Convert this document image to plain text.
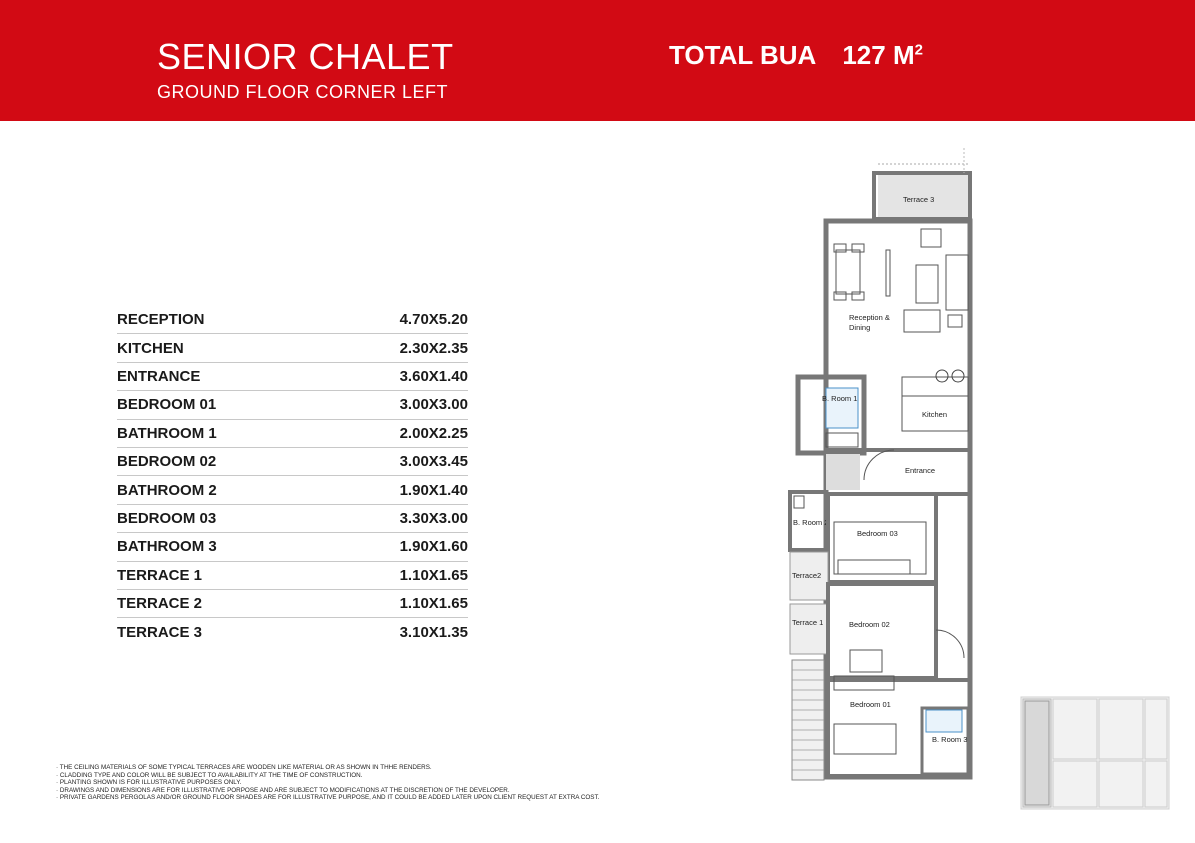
SENIOR CHALET
GROUND FLOOR CORNER LEFT
TOTAL BUA 127 $M^2$
RECEPTION	4.70X5.20
KITCHEN	2.30X2.35
ENTRANCE	3.60X1.40
BEDROOM 01	3.00X3.00
BATHROOM 1	2.00X2.25
BEDROOM 02	3.00X3.45
BATHROOM 2	1.90X1.40
BEDROOM 03	3.30X3.00
BATHROOM 3	1.90X1.60
TERRACE 1	1.10X1.65
TERRACE 2	1.10X1.65
TERRACE 3	3.10X1.35
· THE CEILING MATERIALS OF SOME TYPICAL TERRACES ARE WOODEN LIKE MATERIAL OR AS SHOWN IN THHE RENDERS.
· CLADDING TYPE AND COLOR WILL BE SUBJECT TO AVAILABILITY AT THE TIME OF CONSTRUCTION.
· PLANTING SHOWN IS FOR ILLUSTRATIVE PURPOSES ONLY.
· DRAWINGS AND DIMENSIONS ARE FOR ILLUSTRATIVE PORPOSE AND ARE SUBJECT TO MODIFICATIONS AT THE DISCRETION OF THE DEVELOPER.
· PRIVATE GARDENS PERGOLAS AND/OR GROUND FLOOR SHADES ARE FOR ILLUSTRATIVE PURPOSE, AND IT COULD BE ADDED LATER UPON CLIENT REQUEST AT EXTRA COST.
Terrace 3
Reception &
Dining
Kitchen
B. Room 1
Entrance
B. Room 2
Bedroom 03
Terrace2
Terrace 1	Bedroom 02
Bedroom 01
B. Room 3
